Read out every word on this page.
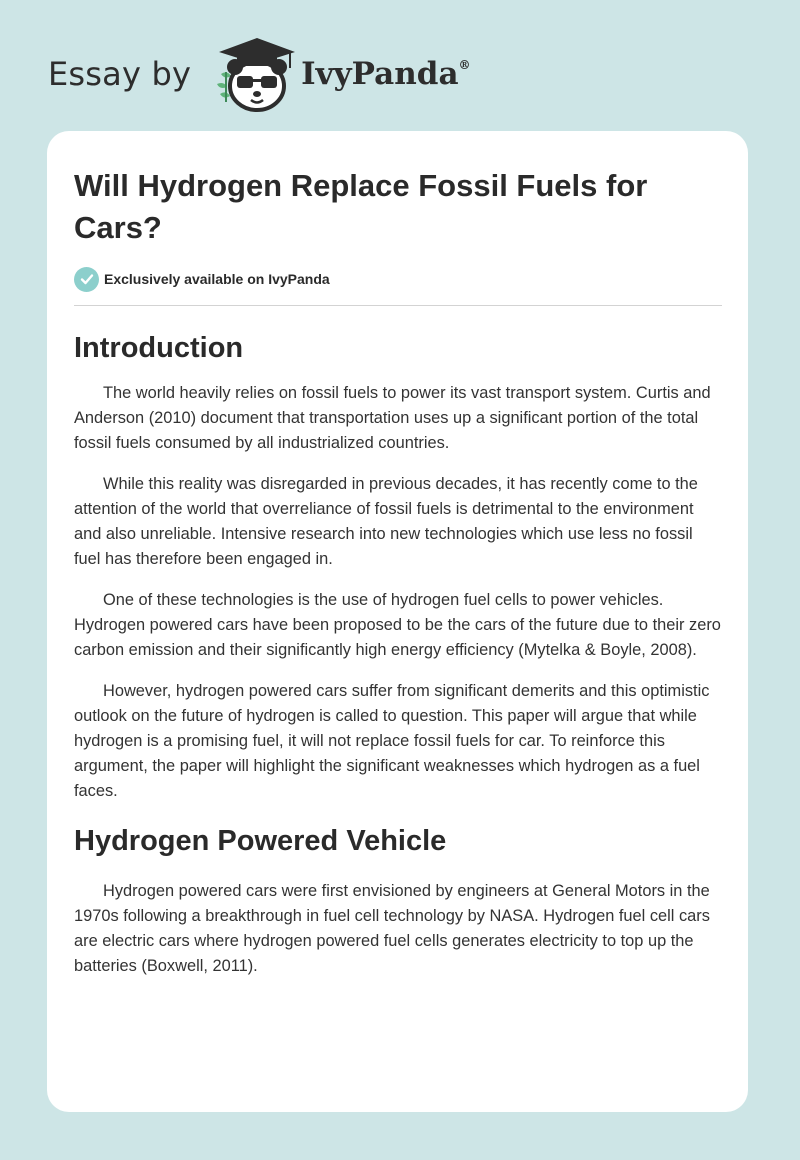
Essay by	IvyPanda®
Will Hydrogen Replace Fossil Fuels for Cars?
Exclusively available on IvyPanda
Introduction

The world heavily relies on fossil fuels to power its vast transport system. Curtis and Anderson (2010) document that transportation uses up a significant portion of the total fossil fuels consumed by all industrialized countries.

While this reality was disregarded in previous decades, it has recently come to the attention of the world that overreliance of fossil fuels is detrimental to the environment and also unreliable. Intensive research into new technologies which use less no fossil fuel has therefore been engaged in.

One of these technologies is the use of hydrogen fuel cells to power vehicles. Hydrogen powered cars have been proposed to be the cars of the future due to their zero carbon emission and their significantly high energy efficiency (Mytelka & Boyle, 2008).

However, hydrogen powered cars suffer from significant demerits and this optimistic outlook on the future of hydrogen is called to question. This paper will argue that while hydrogen is a promising fuel, it will not replace fossil fuels for car. To reinforce this argument, the paper will highlight the significant weaknesses which hydrogen as a fuel faces.

Hydrogen Powered Vehicle

Hydrogen powered cars were first envisioned by engineers at General Motors in the 1970s following a breakthrough in fuel cell technology by NASA. Hydrogen fuel cell cars are electric cars where hydrogen powered fuel cells generates electricity to top up the batteries (Boxwell, 2011).
